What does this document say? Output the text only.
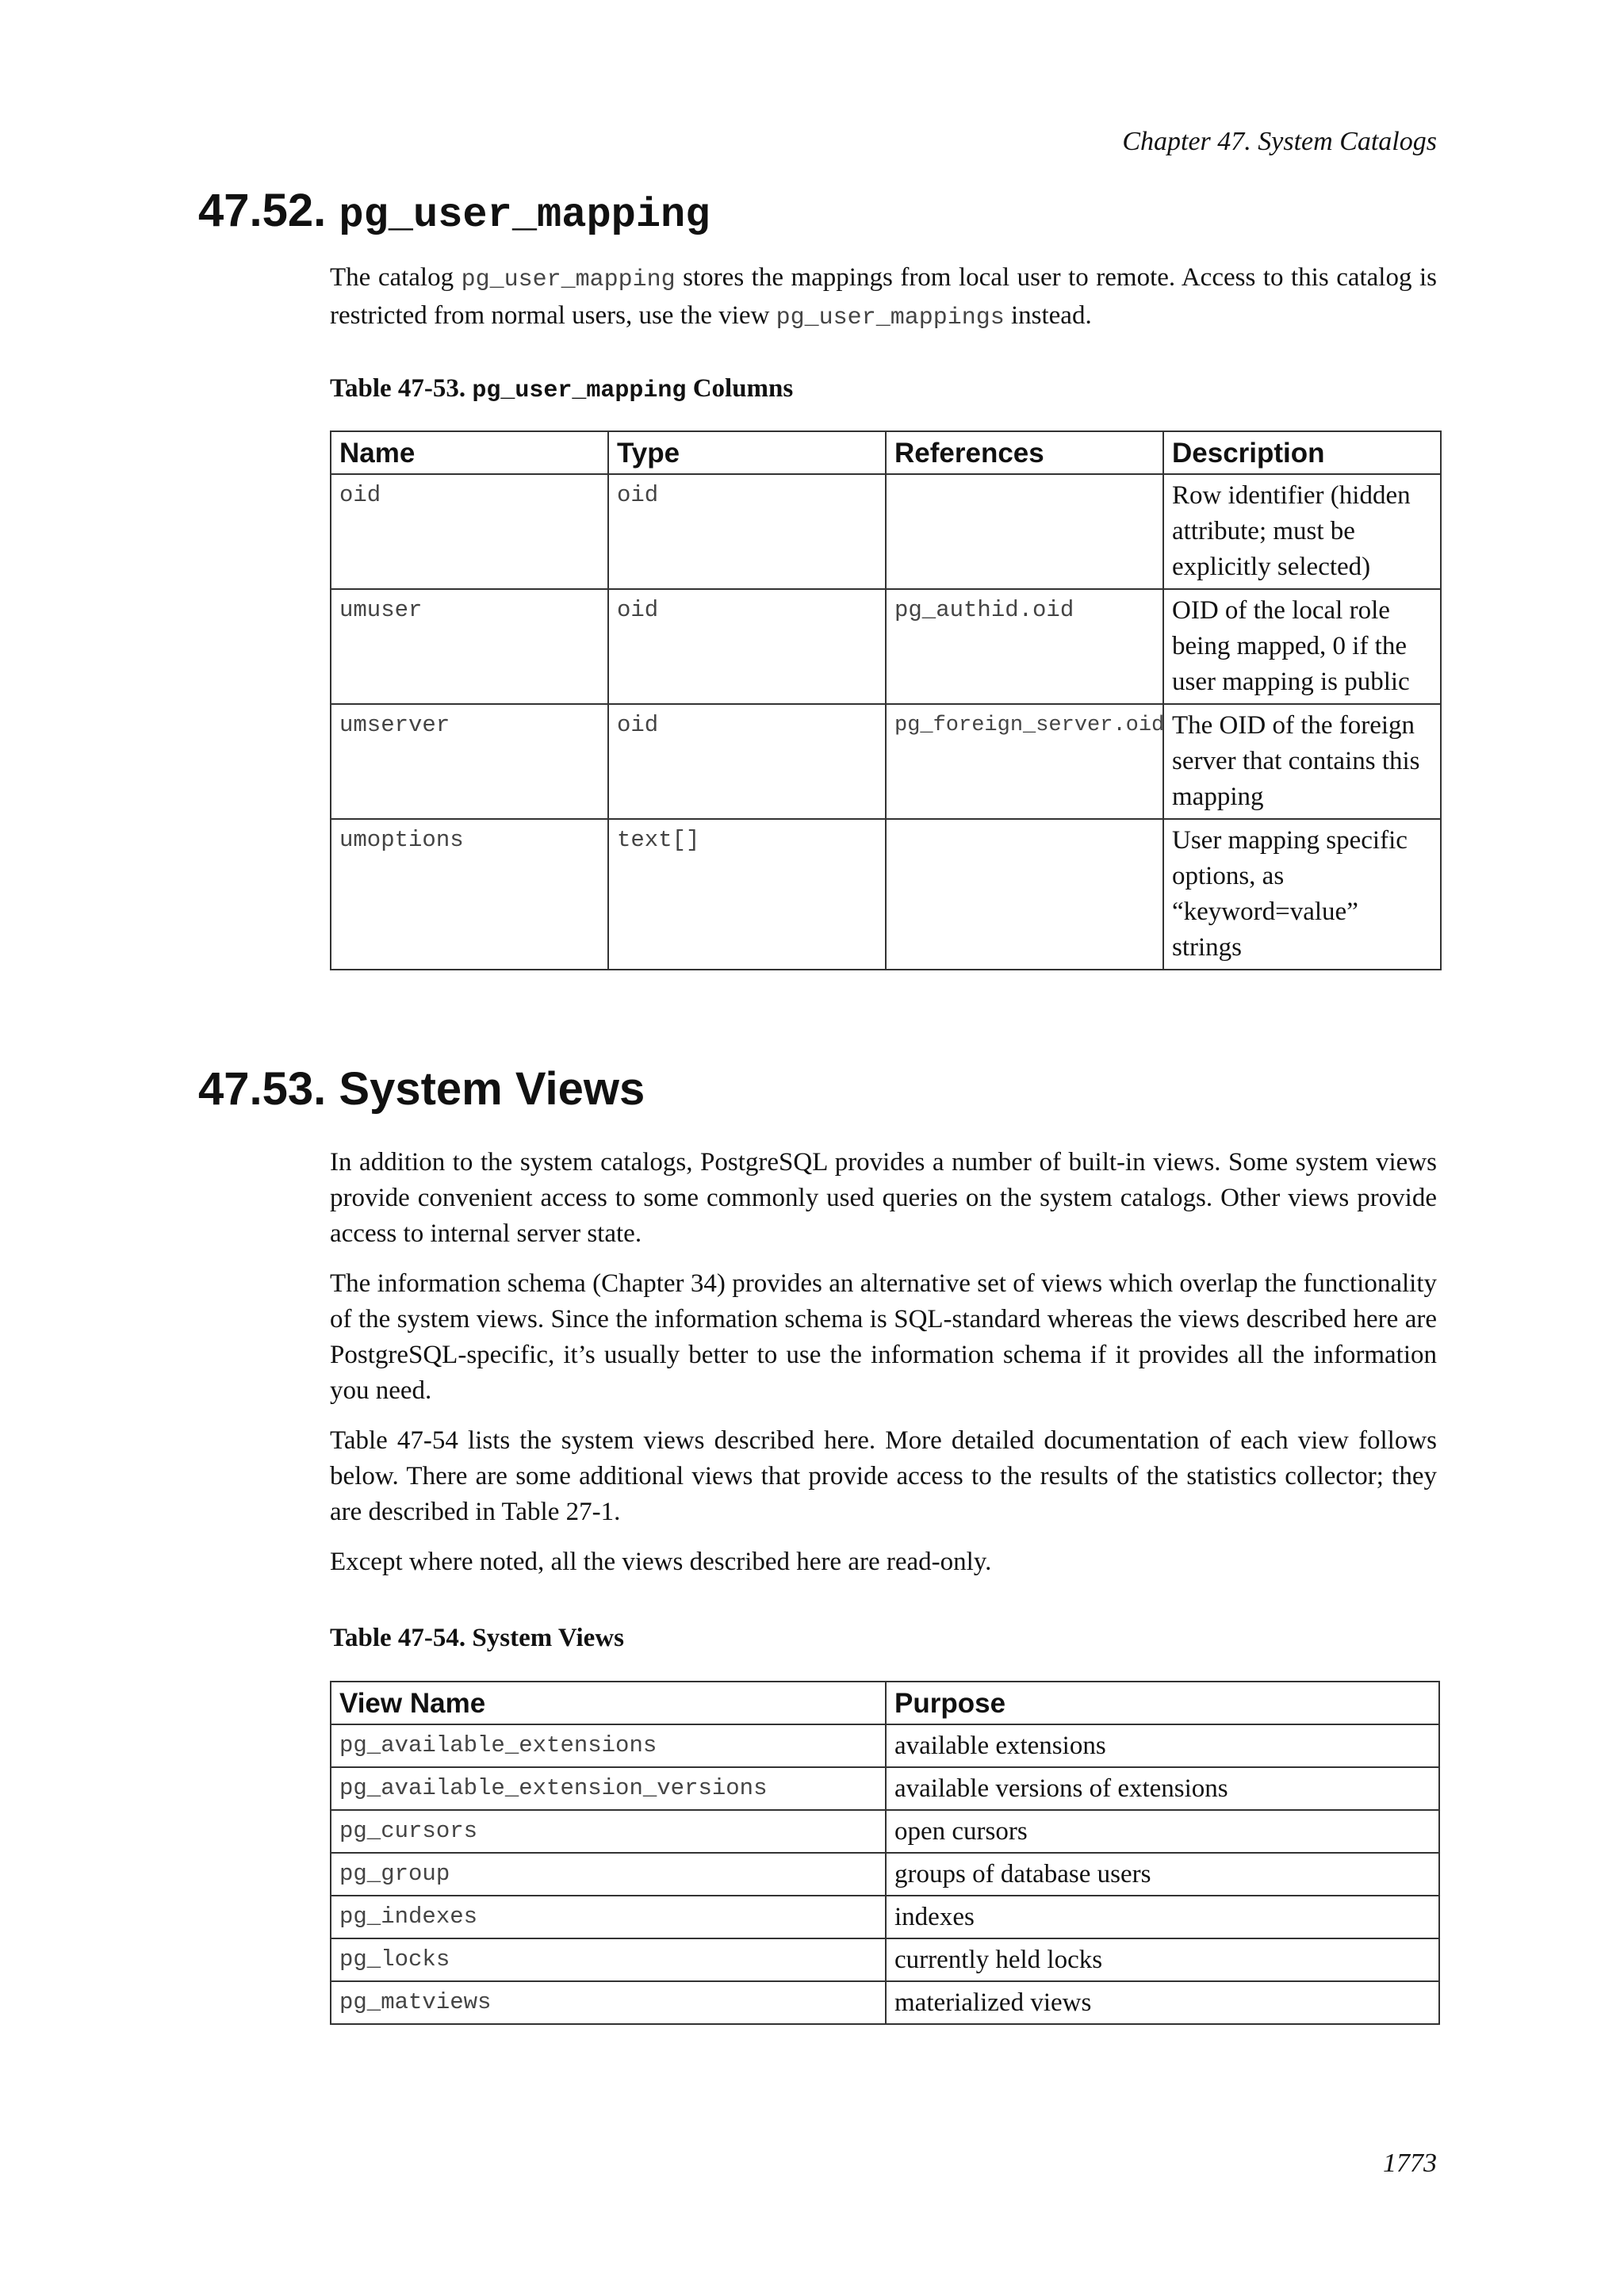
Chapter 47. System Catalogs
47.52. pg_user_mapping

The catalog pg_user_mapping stores the mappings from local user to remote. Access to this catalog is restricted from normal users, use the view pg_user_mappings instead.

Table 47-53. pg_user_mapping Columns
Name	Type	References	Description
oid	oid		Row identifier (hidden attribute; must be explicitly selected)
umuser	oid	pg_authid.oid	OID of the local role being mapped, 0 if the user mapping is public
umserver	oid	pg_foreign_server.oid	The OID of the foreign server that contains this mapping
umoptions	text[]		User mapping specific options, as “keyword=value” strings
47.53. System Views

In addition to the system catalogs, PostgreSQL provides a number of built-in views. Some system views provide convenient access to some commonly used queries on the system catalogs. Other views provide access to internal server state.

The information schema (Chapter 34) provides an alternative set of views which overlap the functionality of the system views. Since the information schema is SQL-standard whereas the views described here are PostgreSQL-specific, it’s usually better to use the information schema if it provides all the information you need.

Table 47-54 lists the system views described here. More detailed documentation of each view follows below. There are some additional views that provide access to the results of the statistics collector; they are described in Table 27-1.

Except where noted, all the views described here are read-only.

Table 47-54. System Views
View Name	Purpose
pg_available_extensions	available extensions
pg_available_extension_versions	available versions of extensions
pg_cursors	open cursors
pg_group	groups of database users
pg_indexes	indexes
pg_locks	currently held locks
pg_matviews	materialized views
1773
